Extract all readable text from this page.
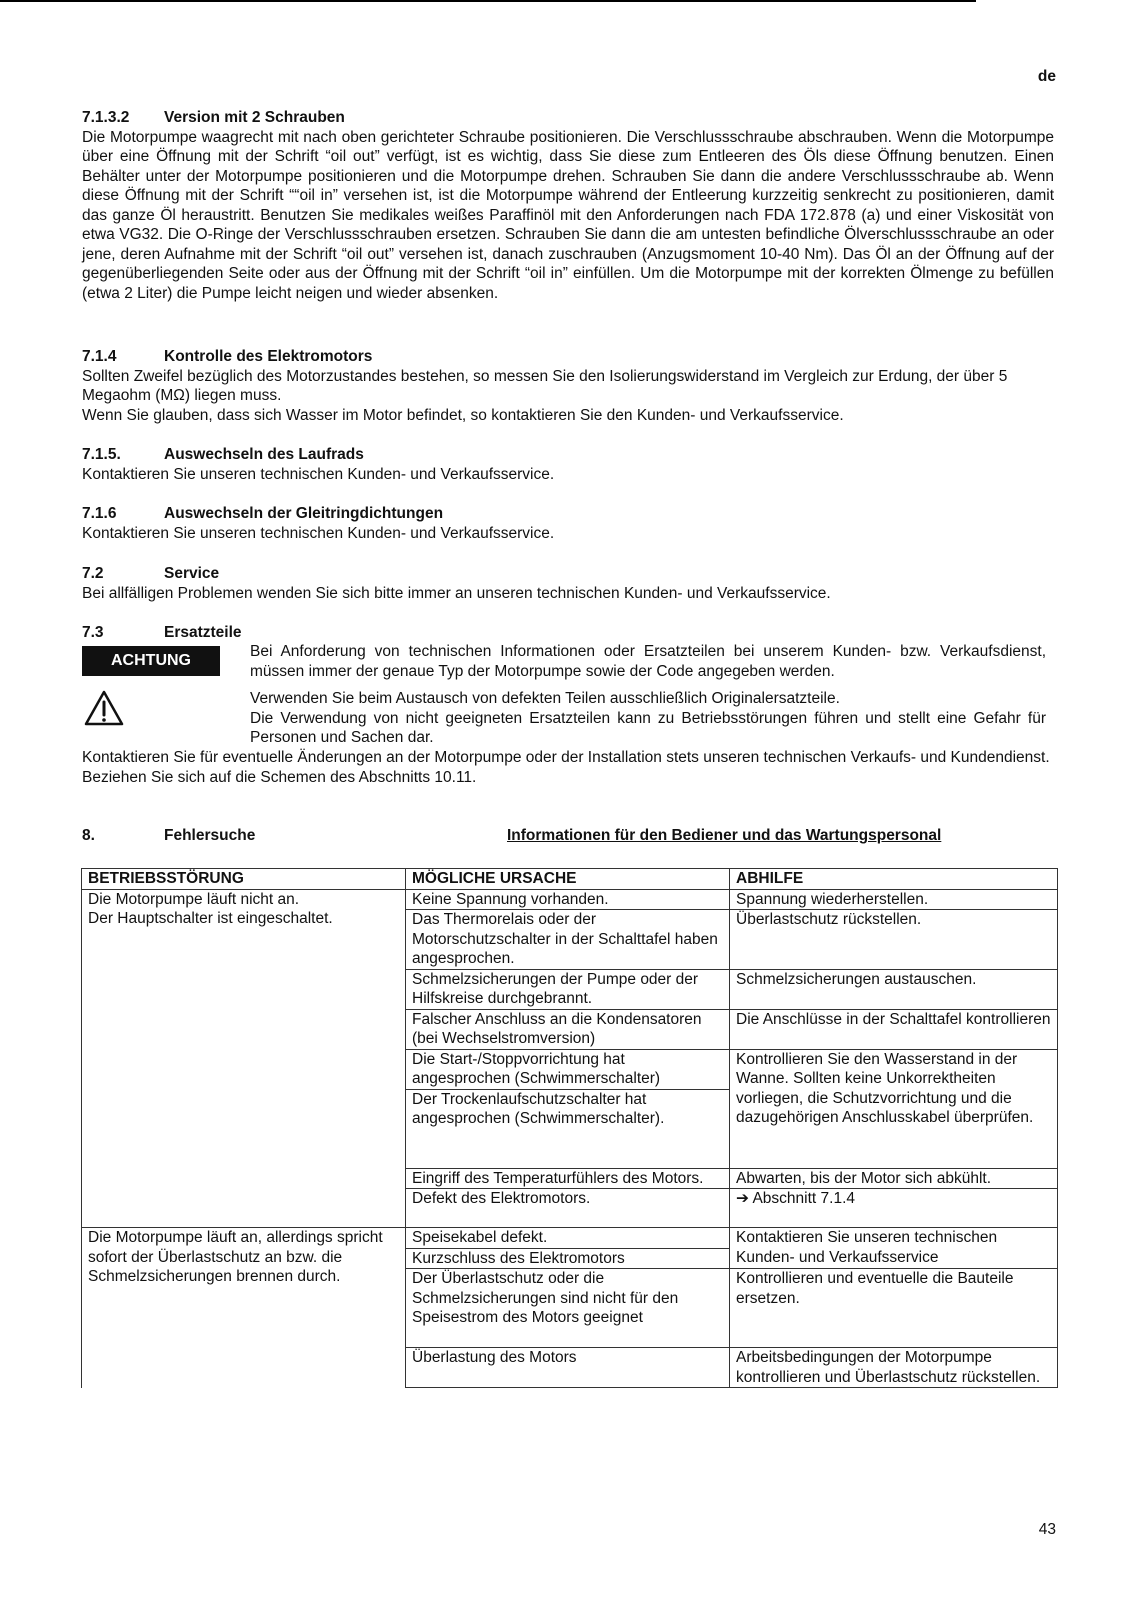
de
7.1.3.2 Version mit 2 Schrauben

Die Motorpumpe waagrecht mit nach oben gerichteter Schraube positionieren. Die Verschlussschraube abschrauben. Wenn die Motorpumpe über eine Öffnung mit der Schrift “oil out” verfügt, ist es wichtig, dass Sie diese zum Entleeren des Öls diese Öffnung benutzen. Einen Behälter unter der Motorpumpe positionieren und die Motorpumpe drehen. Schrauben Sie dann die andere Verschlussschraube ab. Wenn diese Öffnung mit der Schrift ““oil in” versehen ist, ist die Motorpumpe während der Entleerung kurzzeitig senkrecht zu positionieren, damit das ganze Öl heraustritt. Benutzen Sie medikales weißes Paraffinöl mit den Anforderungen nach FDA 172.878 (a) und einer Viskosität von etwa VG32. Die O-Ringe der Verschlussschrauben ersetzen. Schrauben Sie dann die am untesten befindliche Ölverschlussschraube an oder jene, deren Aufnahme mit der Schrift “oil out” versehen ist, danach zuschrauben (Anzugsmoment 10-40 Nm). Das Öl an der Öffnung auf der gegenüberliegenden Seite oder aus der Öffnung mit der Schrift “oil in” einfüllen. Um die Motorpumpe mit der korrekten Ölmenge zu befüllen (etwa 2 Liter) die Pumpe leicht neigen und wieder absenken.

7.1.4	Kontrolle des Elektromotors

Sollten Zweifel bezüglich des Motorzustandes bestehen, so messen Sie den Isolierungswiderstand im Vergleich zur Erdung, der über 5 Megaohm (MΩ) liegen muss.

Wenn Sie glauben, dass sich Wasser im Motor befindet, so kontaktieren Sie den Kunden- und Verkaufsservice.

7.1.5.	Auswechseln des Laufrads

Kontaktieren Sie unseren technischen Kunden- und Verkaufsservice.

7.1.6	Auswechseln der Gleitringdichtungen

Kontaktieren Sie unseren technischen Kunden- und Verkaufsservice.

7.2	Service

Bei allfälligen Problemen wenden Sie sich bitte immer an unseren technischen Kunden- und Verkaufsservice.

7.3	Ersatzteile
ACHTUNG
Bei Anforderung von technischen Informationen oder Ersatzteilen bei unserem Kunden- bzw. Verkaufsdienst, müssen immer der genaue Typ der Motorpumpe sowie der Code angegeben werden.

Verwenden Sie beim Austausch von defekten Teilen ausschließlich Originalersatzteile.

Die Verwendung von nicht geeigneten Ersatzteilen kann zu Betriebsstörungen führen und stellt eine Gefahr für Personen und Sachen dar.

Kontaktieren Sie für eventuelle Änderungen an der Motorpumpe oder der Installation stets unseren technischen Verkaufs- und Kundendienst.

Beziehen Sie sich auf die Schemen des Abschnitts 10.11.

8.	Fehlersuche	Informationen für den Bediener und das Wartungspersonal
BETRIEBSSTÖRUNG	MÖGLICHE URSACHE	ABHILFE

Die Motorpumpe läuft nicht an.
Der Hauptschalter ist eingeschaltet.	Keine Spannung vorhanden.	Spannung wiederherstellen.
	Das Thermorelais oder der Motorschutzschalter in der Schalttafel haben angesprochen.	Überlastschutz rückstellen.
	Schmelzsicherungen der Pumpe oder der Hilfskreise durchgebrannt.	Schmelzsicherungen austauschen.
	Falscher Anschluss an die Kondensatoren (bei Wechselstromversion)	Die Anschlüsse in der Schalttafel kontrollieren
	Die Start-/Stoppvorrichtung hat angesprochen (Schwimmerschalter)	Kontrollieren Sie den Wasserstand in der Wanne. Sollten keine Unkorrektheiten vorliegen, die Schutzvorrichtung und die dazugehörigen Anschlusskabel überprüfen.
	Der Trockenlaufschutzschalter hat angesprochen (Schwimmerschalter).	
	Eingriff des Temperaturfühlers des Motors.	Abwarten, bis der Motor sich abkühlt.
	Defekt des Elektromotors.	➔ Abschnitt 7.1.4
Die Motorpumpe läuft an, allerdings spricht sofort der Überlastschutz an bzw. die Schmelzsicherungen brennen durch.	Speisekabel defekt.	Kontaktieren Sie unseren technischen Kunden- und Verkaufsservice
	Kurzschluss des Elektromotors	
	Der Überlastschutz oder die Schmelzsicherungen sind nicht für den Speisestrom des Motors geeignet	Kontrollieren und eventuelle die Bauteile ersetzen.
	Überlastung des Motors	Arbeitsbedingungen der Motorpumpe kontrollieren und Überlastschutz rückstellen.
43
